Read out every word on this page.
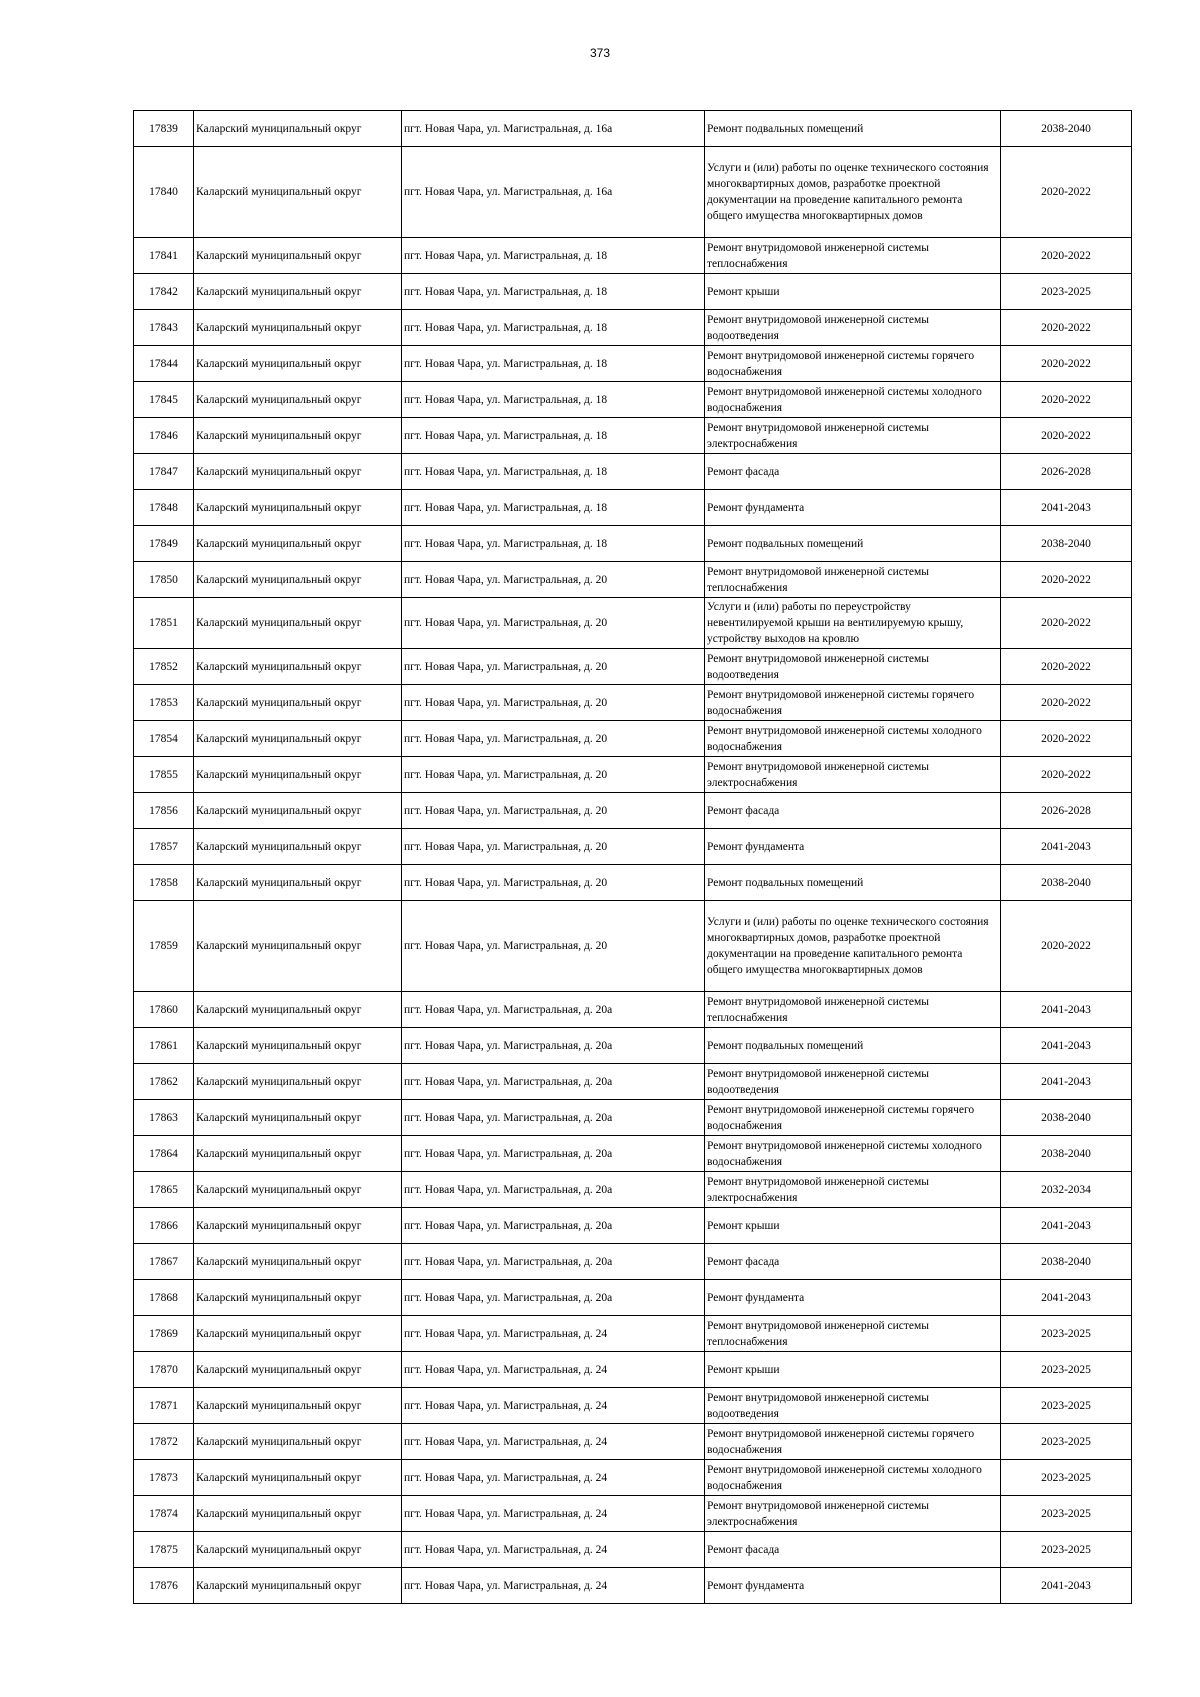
373
17839	Каларский муниципальный округ	пгт. Новая Чара, ул. Магистральная, д. 16а	Ремонт подвальных помещений	2038-2040
17840	Каларский муниципальный округ	пгт. Новая Чара, ул. Магистральная, д. 16а	Услуги и (или) работы по оценке технического состояния многоквартирных домов, разработке проектной документации на проведение капитального ремонта общего имущества многоквартирных домов	2020-2022
17841	Каларский муниципальный округ	пгт. Новая Чара, ул. Магистральная, д. 18	Ремонт внутридомовой инженерной системы теплоснабжения	2020-2022
17842	Каларский муниципальный округ	пгт. Новая Чара, ул. Магистральная, д. 18	Ремонт крыши	2023-2025
17843	Каларский муниципальный округ	пгт. Новая Чара, ул. Магистральная, д. 18	Ремонт внутридомовой инженерной системы водоотведения	2020-2022
17844	Каларский муниципальный округ	пгт. Новая Чара, ул. Магистральная, д. 18	Ремонт внутридомовой инженерной системы горячего водоснабжения	2020-2022
17845	Каларский муниципальный округ	пгт. Новая Чара, ул. Магистральная, д. 18	Ремонт внутридомовой инженерной системы холодного водоснабжения	2020-2022
17846	Каларский муниципальный округ	пгт. Новая Чара, ул. Магистральная, д. 18	Ремонт внутридомовой инженерной системы электроснабжения	2020-2022
17847	Каларский муниципальный округ	пгт. Новая Чара, ул. Магистральная, д. 18	Ремонт фасада	2026-2028
17848	Каларский муниципальный округ	пгт. Новая Чара, ул. Магистральная, д. 18	Ремонт фундамента	2041-2043
17849	Каларский муниципальный округ	пгт. Новая Чара, ул. Магистральная, д. 18	Ремонт подвальных помещений	2038-2040
17850	Каларский муниципальный округ	пгт. Новая Чара, ул. Магистральная, д. 20	Ремонт внутридомовой инженерной системы теплоснабжения	2020-2022
17851	Каларский муниципальный округ	пгт. Новая Чара, ул. Магистральная, д. 20	Услуги и (или) работы по переустройству невентилируемой крыши на вентилируемую крышу, устройству выходов на кровлю	2020-2022
17852	Каларский муниципальный округ	пгт. Новая Чара, ул. Магистральная, д. 20	Ремонт внутридомовой инженерной системы водоотведения	2020-2022
17853	Каларский муниципальный округ	пгт. Новая Чара, ул. Магистральная, д. 20	Ремонт внутридомовой инженерной системы горячего водоснабжения	2020-2022
17854	Каларский муниципальный округ	пгт. Новая Чара, ул. Магистральная, д. 20	Ремонт внутридомовой инженерной системы холодного водоснабжения	2020-2022
17855	Каларский муниципальный округ	пгт. Новая Чара, ул. Магистральная, д. 20	Ремонт внутридомовой инженерной системы электроснабжения	2020-2022
17856	Каларский муниципальный округ	пгт. Новая Чара, ул. Магистральная, д. 20	Ремонт фасада	2026-2028
17857	Каларский муниципальный округ	пгт. Новая Чара, ул. Магистральная, д. 20	Ремонт фундамента	2041-2043
17858	Каларский муниципальный округ	пгт. Новая Чара, ул. Магистральная, д. 20	Ремонт подвальных помещений	2038-2040
17859	Каларский муниципальный округ	пгт. Новая Чара, ул. Магистральная, д. 20	Услуги и (или) работы по оценке технического состояния многоквартирных домов, разработке проектной документации на проведение капитального ремонта общего имущества многоквартирных домов	2020-2022
17860	Каларский муниципальный округ	пгт. Новая Чара, ул. Магистральная, д. 20а	Ремонт внутридомовой инженерной системы теплоснабжения	2041-2043
17861	Каларский муниципальный округ	пгт. Новая Чара, ул. Магистральная, д. 20а	Ремонт подвальных помещений	2041-2043
17862	Каларский муниципальный округ	пгт. Новая Чара, ул. Магистральная, д. 20а	Ремонт внутридомовой инженерной системы водоотведения	2041-2043
17863	Каларский муниципальный округ	пгт. Новая Чара, ул. Магистральная, д. 20а	Ремонт внутридомовой инженерной системы горячего водоснабжения	2038-2040
17864	Каларский муниципальный округ	пгт. Новая Чара, ул. Магистральная, д. 20а	Ремонт внутридомовой инженерной системы холодного водоснабжения	2038-2040
17865	Каларский муниципальный округ	пгт. Новая Чара, ул. Магистральная, д. 20а	Ремонт внутридомовой инженерной системы электроснабжения	2032-2034
17866	Каларский муниципальный округ	пгт. Новая Чара, ул. Магистральная, д. 20а	Ремонт крыши	2041-2043
17867	Каларский муниципальный округ	пгт. Новая Чара, ул. Магистральная, д. 20а	Ремонт фасада	2038-2040
17868	Каларский муниципальный округ	пгт. Новая Чара, ул. Магистральная, д. 20а	Ремонт фундамента	2041-2043
17869	Каларский муниципальный округ	пгт. Новая Чара, ул. Магистральная, д. 24	Ремонт внутридомовой инженерной системы теплоснабжения	2023-2025
17870	Каларский муниципальный округ	пгт. Новая Чара, ул. Магистральная, д. 24	Ремонт крыши	2023-2025
17871	Каларский муниципальный округ	пгт. Новая Чара, ул. Магистральная, д. 24	Ремонт внутридомовой инженерной системы водоотведения	2023-2025
17872	Каларский муниципальный округ	пгт. Новая Чара, ул. Магистральная, д. 24	Ремонт внутридомовой инженерной системы горячего водоснабжения	2023-2025
17873	Каларский муниципальный округ	пгт. Новая Чара, ул. Магистральная, д. 24	Ремонт внутридомовой инженерной системы холодного водоснабжения	2023-2025
17874	Каларский муниципальный округ	пгт. Новая Чара, ул. Магистральная, д. 24	Ремонт внутридомовой инженерной системы электроснабжения	2023-2025
17875	Каларский муниципальный округ	пгт. Новая Чара, ул. Магистральная, д. 24	Ремонт фасада	2023-2025
17876	Каларский муниципальный округ	пгт. Новая Чара, ул. Магистральная, д. 24	Ремонт фундамента	2041-2043
